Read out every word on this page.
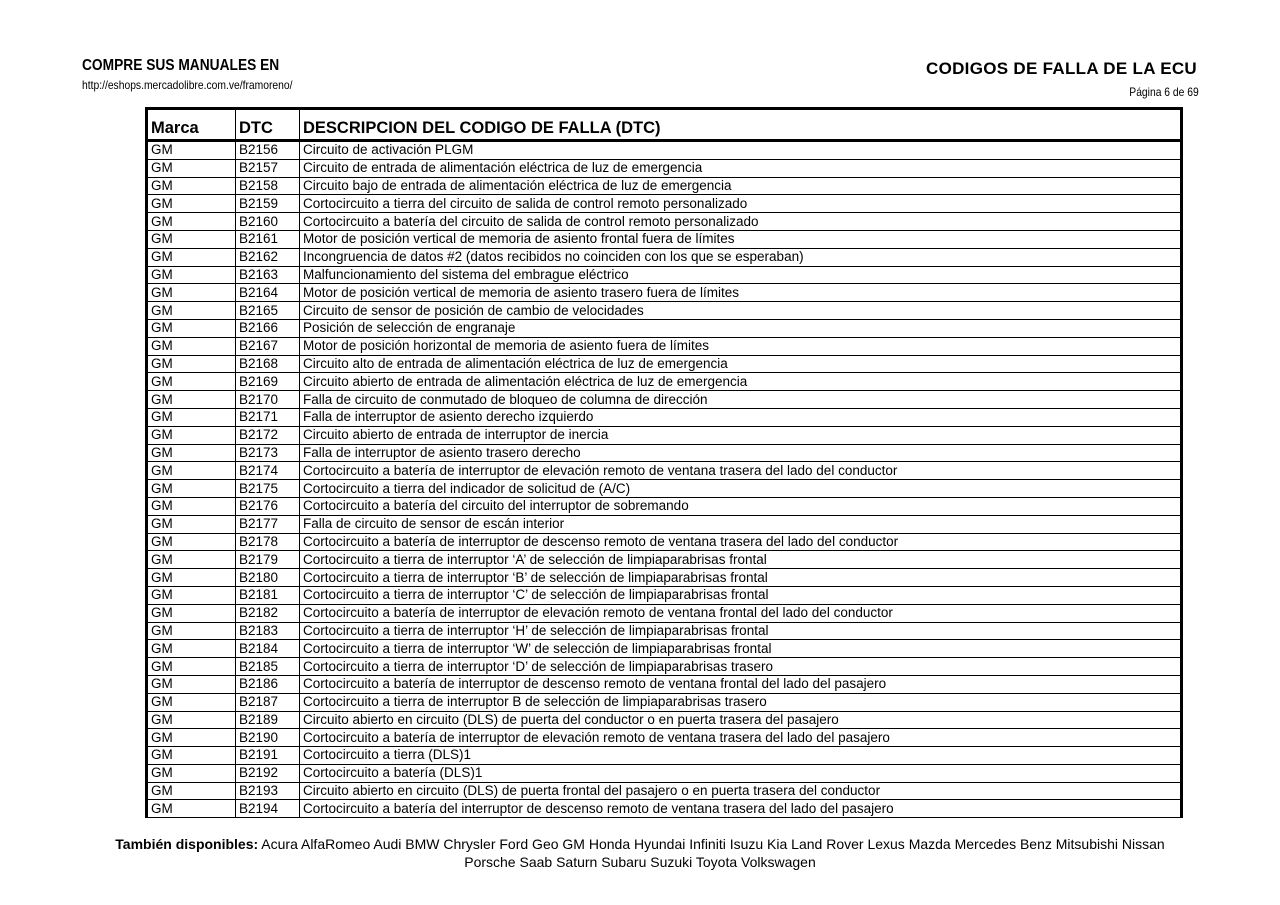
COMPRE SUS MANUALES EN
http://eshops.mercadolibre.com.ve/framoreno/
CODIGOS DE FALLA DE LA ECU
Página 6 de 69
Marca	DTC	DESCRIPCION DEL CODIGO DE FALLA (DTC)
GM	B2156	Circuito de activación PLGM
GM	B2157	Circuito de entrada de alimentación eléctrica de luz de emergencia
GM	B2158	Circuito bajo de entrada de alimentación eléctrica de luz de emergencia
GM	B2159	Cortocircuito a tierra del circuito de salida de control remoto personalizado
GM	B2160	Cortocircuito a batería del circuito de salida de control remoto personalizado
GM	B2161	Motor de posición vertical de memoria de asiento frontal fuera de límites
GM	B2162	Incongruencia de datos #2 (datos recibidos no coinciden con los que se esperaban)
GM	B2163	Malfuncionamiento del sistema del embrague eléctrico
GM	B2164	Motor de posición vertical de memoria de asiento trasero fuera de límites
GM	B2165	Circuito de sensor de posición de cambio de velocidades
GM	B2166	Posición de selección de engranaje
GM	B2167	Motor de posición horizontal de memoria de asiento fuera de límites
GM	B2168	Circuito alto de entrada de alimentación eléctrica de luz de emergencia
GM	B2169	Circuito abierto de entrada de alimentación eléctrica de luz de emergencia
GM	B2170	Falla de circuito de conmutado de bloqueo de columna de dirección
GM	B2171	Falla de interruptor de asiento derecho izquierdo
GM	B2172	Circuito abierto de entrada de interruptor de inercia
GM	B2173	Falla de interruptor de asiento trasero derecho
GM	B2174	Cortocircuito a batería de interruptor de elevación remoto de ventana trasera del lado del conductor
GM	B2175	Cortocircuito a tierra del indicador de solicitud de (A/C)
GM	B2176	Cortocircuito a batería del circuito del interruptor de sobremando
GM	B2177	Falla de circuito de sensor de escán interior
GM	B2178	Cortocircuito a batería de interruptor de descenso remoto de ventana trasera del lado del conductor
GM	B2179	Cortocircuito a tierra de interruptor ‘A’ de selección de limpiaparabrisas frontal
GM	B2180	Cortocircuito a tierra de interruptor ‘B’ de selección de limpiaparabrisas frontal
GM	B2181	Cortocircuito a tierra de interruptor ‘C’ de selección de limpiaparabrisas frontal
GM	B2182	Cortocircuito a batería de interruptor de elevación remoto de ventana frontal del lado del conductor
GM	B2183	Cortocircuito a tierra de interruptor ‘H’ de selección de limpiaparabrisas frontal
GM	B2184	Cortocircuito a tierra de interruptor ‘W’ de selección de limpiaparabrisas frontal
GM	B2185	Cortocircuito a tierra de interruptor ‘D’ de selección de limpiaparabrisas trasero
GM	B2186	Cortocircuito a batería de interruptor de descenso remoto de ventana frontal del lado del pasajero
GM	B2187	Cortocircuito a tierra de interruptor B de selección de limpiaparabrisas trasero
GM	B2189	Circuito abierto en circuito (DLS) de puerta del conductor o en puerta trasera del pasajero
GM	B2190	Cortocircuito a batería de interruptor de elevación remoto de ventana trasera del lado del pasajero
GM	B2191	Cortocircuito a tierra (DLS)1
GM	B2192	Cortocircuito a batería (DLS)1
GM	B2193	Circuito abierto en circuito (DLS) de puerta frontal del pasajero o en puerta trasera del conductor
GM	B2194	Cortocircuito a batería del interruptor de descenso remoto de ventana trasera del lado del pasajero
También disponibles: Acura AlfaRomeo Audi BMW Chrysler Ford Geo GM Honda Hyundai Infiniti Isuzu Kia Land Rover Lexus Mazda Mercedes Benz Mitsubishi Nissan
Porsche Saab Saturn Subaru Suzuki Toyota Volkswagen
